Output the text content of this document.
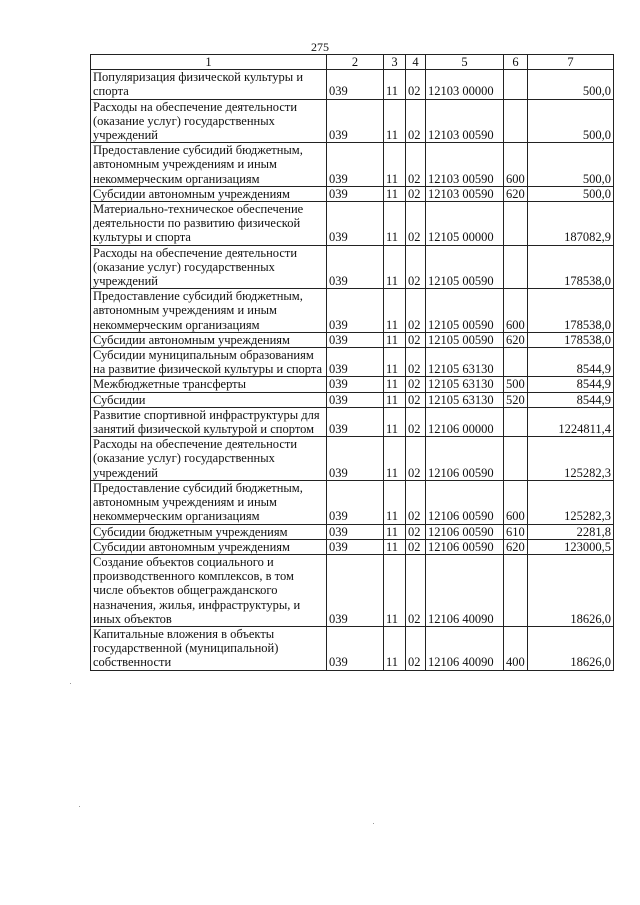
275
1	2	3	4	5	6	7
Популяризация физической культуры и спорта	039	11	02	12103 00000		500,0
Расходы на обеспечение деятельности (оказание услуг) государственных учреждений	039	11	02	12103 00590		500,0
Предоставление субсидий бюджетным, автономным учреждениям и иным некоммерческим организациям	039	11	02	12103 00590	600	500,0
Субсидии автономным учреждениям	039	11	02	12103 00590	620	500,0
Материально-техническое обеспечение деятельности по развитию физической культуры и спорта	039	11	02	12105 00000		187082,9
Расходы на обеспечение деятельности (оказание услуг) государственных учреждений	039	11	02	12105 00590		178538,0
Предоставление субсидий бюджетным, автономным учреждениям и иным некоммерческим организациям	039	11	02	12105 00590	600	178538,0
Субсидии автономным учреждениям	039	11	02	12105 00590	620	178538,0
Субсидии муниципальным образованиям на развитие физической культуры и спорта	039	11	02	12105 63130		8544,9
Межбюджетные трансферты	039	11	02	12105 63130	500	8544,9
Субсидии	039	11	02	12105 63130	520	8544,9
Развитие спортивной инфраструктуры для занятий физической культурой и спортом	039	11	02	12106 00000		1224811,4
Расходы на обеспечение деятельности (оказание услуг) государственных учреждений	039	11	02	12106 00590		125282,3
Предоставление субсидий бюджетным, автономным учреждениям и иным некоммерческим организациям	039	11	02	12106 00590	600	125282,3
Субсидии бюджетным учреждениям	039	11	02	12106 00590	610	2281,8
Субсидии автономным учреждениям	039	11	02	12106 00590	620	123000,5
Создание объектов социального и производственного комплексов, в том числе объектов общегражданского назначения, жилья, инфраструктуры, и иных объектов	039	11	02	12106 40090		18626,0
Капитальные вложения в объекты государственной (муниципальной) собственности	039	11	02	12106 40090	400	18626,0
